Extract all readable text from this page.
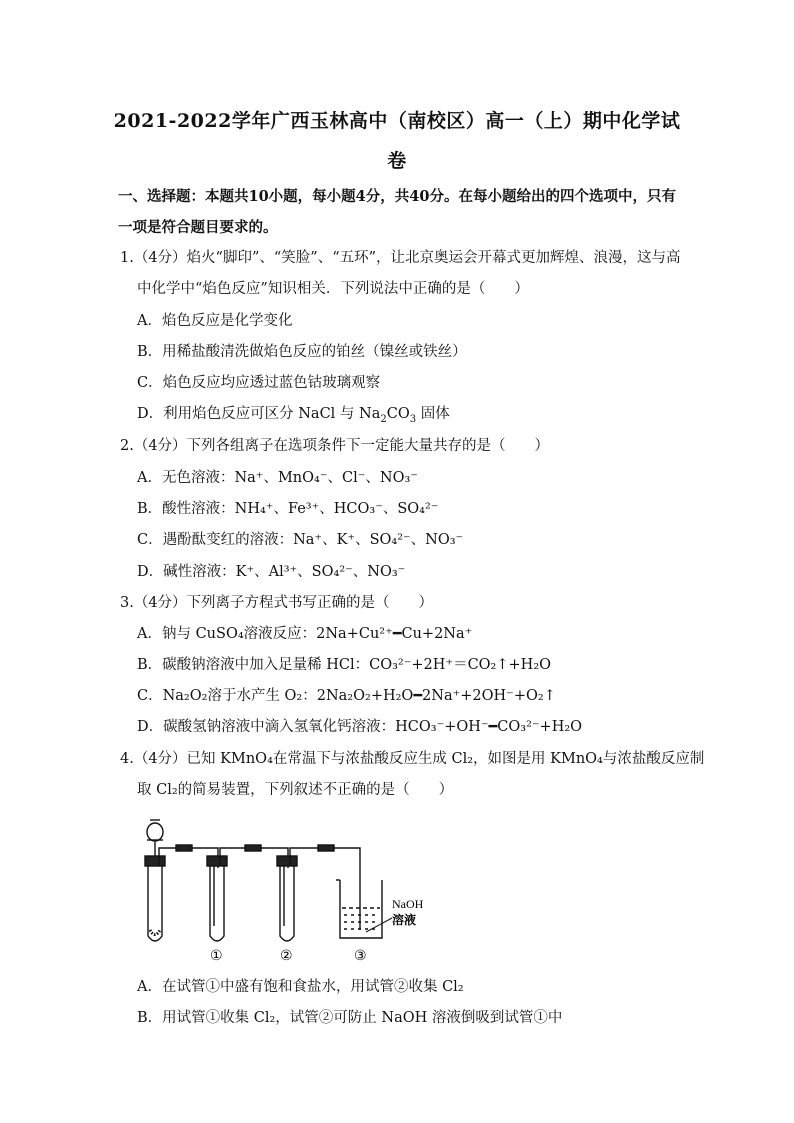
2021-2022学年广西玉林高中（南校区）高一（上）期中化学试
卷
一、选择题：本题共10小题，每小题4分，共40分。在每小题给出的四个选项中，只有一项是符合题目要求的。
1.（4分）焰火“脚印”、“笑脸”、“五环”，让北京奥运会开幕式更加辉煌、浪漫，这与高
中化学中“焰色反应”知识相关．下列说法中正确的是（　　）
A．焰色反应是化学变化
B．用稀盐酸清洗做焰色反应的铂丝（镍丝或铁丝）
C．焰色反应均应透过蓝色钴玻璃观察
D．利用焰色反应可区分 NaCl 与 $Na_2CO_3$ 固体
2.（4分）下列各组离子在选项条件下一定能大量共存的是（　　）
A．无色溶液：Na⁺、MnO₄⁻、Cl⁻、NO₃⁻
B．酸性溶液：NH₄⁺、Fe³⁺、HCO₃⁻、SO₄²⁻
C．遇酚酞变红的溶液：Na⁺、K⁺、SO₄²⁻、NO₃⁻
D．碱性溶液：K⁺、Al³⁺、SO₄²⁻、NO₃⁻
3.（4分）下列离子方程式书写正确的是（　　）
A．钠与 CuSO₄溶液反应：2Na+Cu²⁺━Cu+2Na⁺
B．碳酸钠溶液中加入足量稀 HCl：CO₃²⁻+2H⁺＝CO₂↑+H₂O
C．Na₂O₂溶于水产生 O₂：2Na₂O₂+H₂O━2Na⁺+2OH⁻+O₂↑
D．碳酸氢钠溶液中滴入氢氧化钙溶液：HCO₃⁻+OH⁻━CO₃²⁻+H₂O
4.（4分）已知 KMnO₄在常温下与浓盐酸反应生成 Cl₂，如图是用 KMnO₄与浓盐酸反应制
取 Cl₂的简易装置，下列叙述不正确的是（　　）
NaOH
溶液
①	②	③
A．在试管①中盛有饱和食盐水，用试管②收集 Cl₂
B．用试管①收集 Cl₂，试管②可防止 NaOH 溶液倒吸到试管①中
